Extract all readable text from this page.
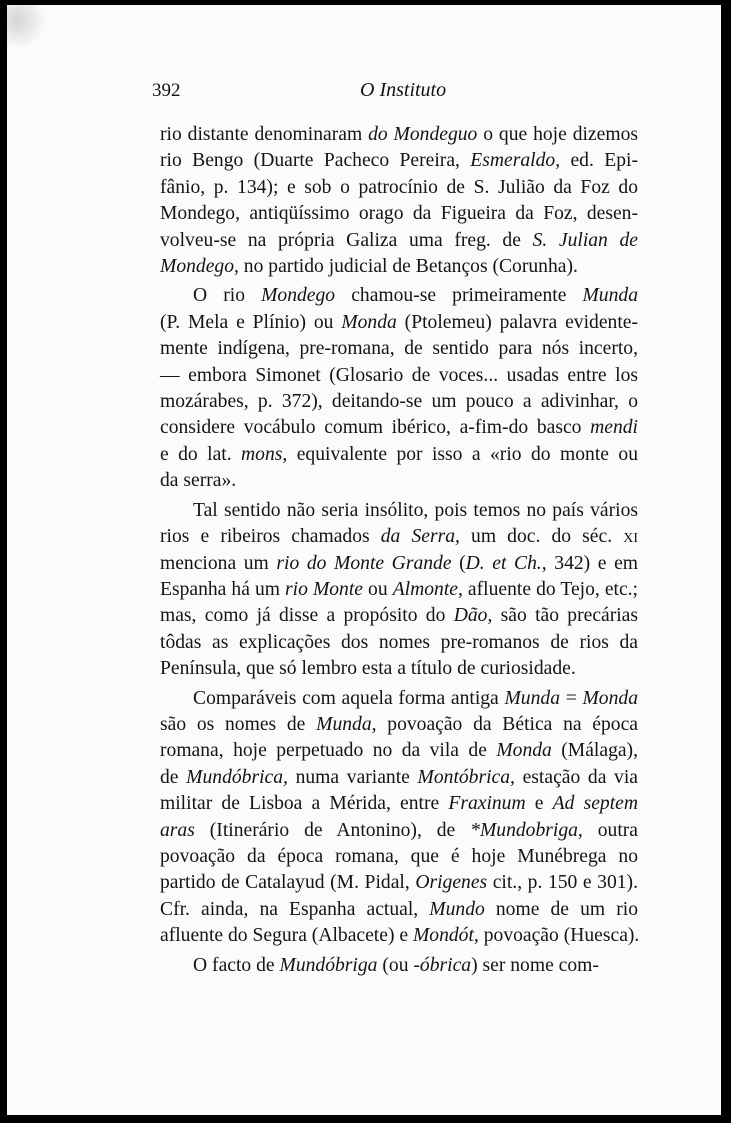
392	O Instituto
rio distante denominaram do Mondeguo o que hoje dizemos
rio Bengo (Duarte Pacheco Pereira, Esmeraldo, ed. Epi-
fânio, p. 134); e sob o patrocínio de S. Julião da Foz do
Mondego, antiqüíssimo orago da Figueira da Foz, desen-
volveu-se na própria Galiza uma freg. de S. Julian de
Mondego, no partido judicial de Betanços (Corunha).
O rio Mondego chamou-se primeiramente Munda
(P. Mela e Plínio) ou Monda (Ptolemeu) palavra evidente-
mente indígena, pre-romana, de sentido para nós incerto,
— embora Simonet (Glosario de voces... usadas entre los
mozárabes, p. 372), deitando-se um pouco a adivinhar, o
considere vocábulo comum ibérico, a-fim-do basco mendi
e do lat. mons, equivalente por isso a «rio do monte ou
da serra».
Tal sentido não seria insólito, pois temos no país vários
rios e ribeiros chamados da Serra, um doc. do séc. xi
menciona um rio do Monte Grande (D. et Ch., 342) e em
Espanha há um rio Monte ou Almonte, afluente do Tejo, etc.;
mas, como já disse a propósito do Dão, são tão precárias
tôdas as explicações dos nomes pre-romanos de rios da
Península, que só lembro esta a título de curiosidade.
Comparáveis com aquela forma antiga Munda = Monda
são os nomes de Munda, povoação da Bética na época
romana, hoje perpetuado no da vila de Monda (Málaga),
de Mundóbrica, numa variante Montóbrica, estação da via
militar de Lisboa a Mérida, entre Fraxinum e Ad septem
aras (Itinerário de Antonino), de *Mundobriga, outra
povoação da época romana, que é hoje Munébrega no
partido de Catalayud (M. Pidal, Origenes cit., p. 150 e 301).
Cfr. ainda, na Espanha actual, Mundo nome de um rio
afluente do Segura (Albacete) e Mondót, povoação (Huesca).
O facto de Mundóbriga (ou -óbrica) ser nome com-
